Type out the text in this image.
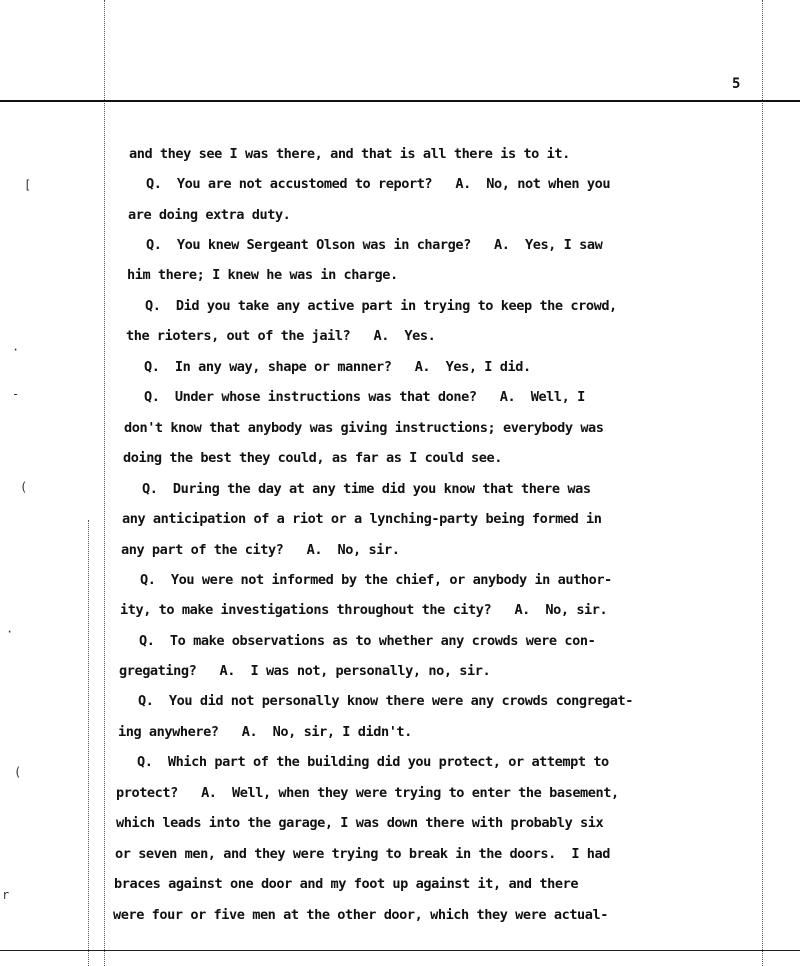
5
and they see I was there, and that is all there is to it.
Q.  You are not accustomed to report?   A.  No, not when you
are doing extra duty.
Q.  You knew Sergeant Olson was in charge?   A.  Yes, I saw
him there; I knew he was in charge.
Q.  Did you take any active part in trying to keep the crowd,
the rioters, out of the jail?   A.  Yes.
Q.  In any way, shape or manner?   A.  Yes, I did.
Q.  Under whose instructions was that done?   A.  Well, I
don't know that anybody was giving instructions; everybody was
doing the best they could, as far as I could see.
Q.  During the day at any time did you know that there was
any anticipation of a riot or a lynching-party being formed in
any part of the city?   A.  No, sir.
Q.  You were not informed by the chief, or anybody in author-
ity, to make investigations throughout the city?   A.  No, sir.
Q.  To make observations as to whether any crowds were con-
gregating?   A.  I was not, personally, no, sir.
Q.  You did not personally know there were any crowds congregat-
ing anywhere?   A.  No, sir, I didn't.
Q.  Which part of the building did you protect, or attempt to
protect?   A.  Well, when they were trying to enter the basement,
which leads into the garage, I was down there with probably six
or seven men, and they were trying to break in the doors.  I had
braces against one door and my foot up against it, and there
were four or five men at the other door, which they were actual-
[
·
-
(
·
(
r
